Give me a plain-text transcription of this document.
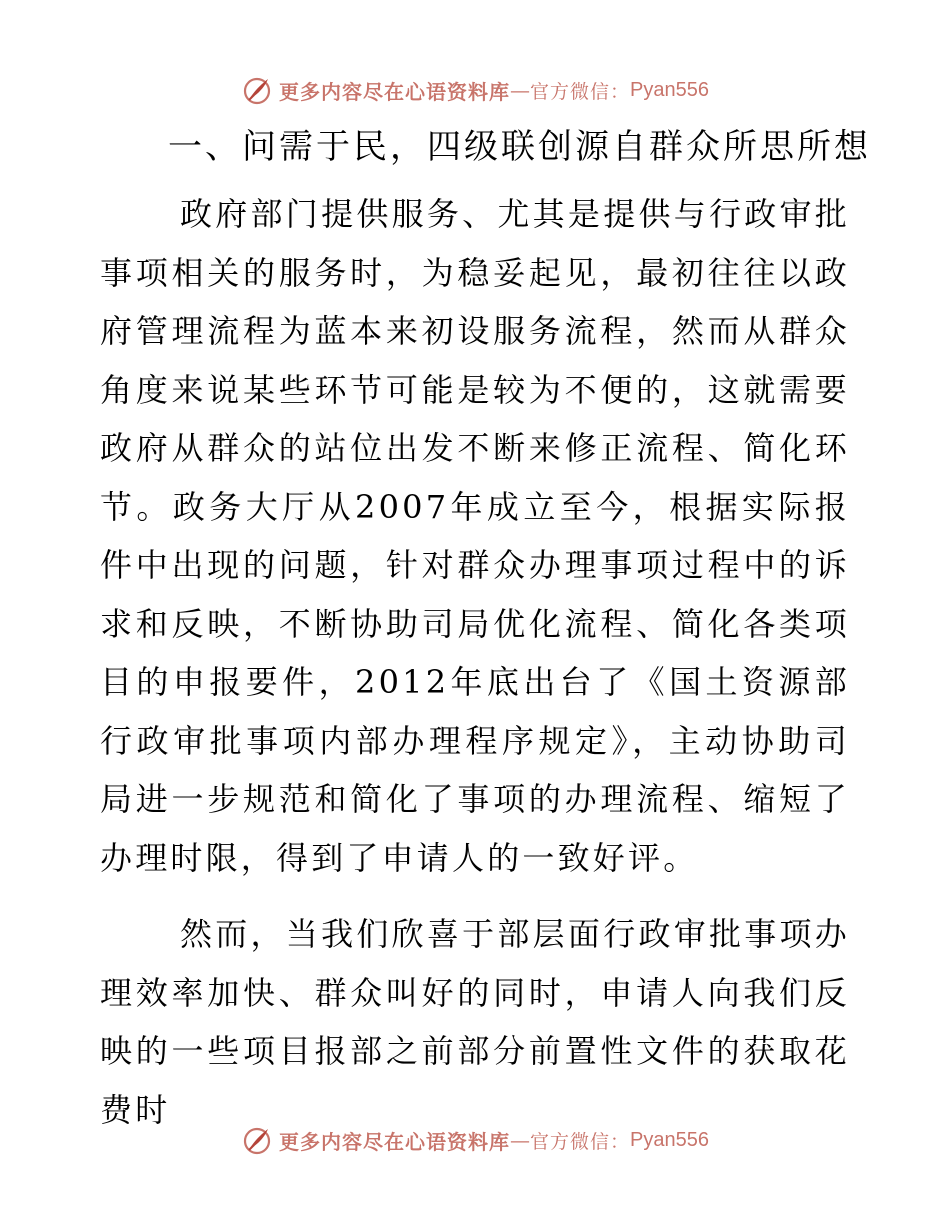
更多内容尽在心语资料库 — 官方微信： Pyan556
一、问需于民，四级联创源自群众所思所想

政府部门提供服务、尤其是提供与行政审批事项相关的服务时，为稳妥起见，最初往往以政府管理流程为蓝本来初设服务流程，然而从群众角度来说某些环节可能是较为不便的，这就需要政府从群众的站位出发不断来修正流程、简化环节。政务大厅从2007年成立至今，根据实际报件中出现的问题，针对群众办理事项过程中的诉求和反映，不断协助司局优化流程、简化各类项目的申报要件，2012年底出台了《国土资源部行政审批事项内部办理程序规定》，主动协助司局进一步规范和简化了事项的办理流程、缩短了办理时限，得到了申请人的一致好评。

然而，当我们欣喜于部层面行政审批事项办理效率加快、群众叫好的同时，申请人向我们反映的一些项目报部之前部分前置性文件的获取花费时

更多内容尽在心语资料库 — 官方微信： Pyan556
